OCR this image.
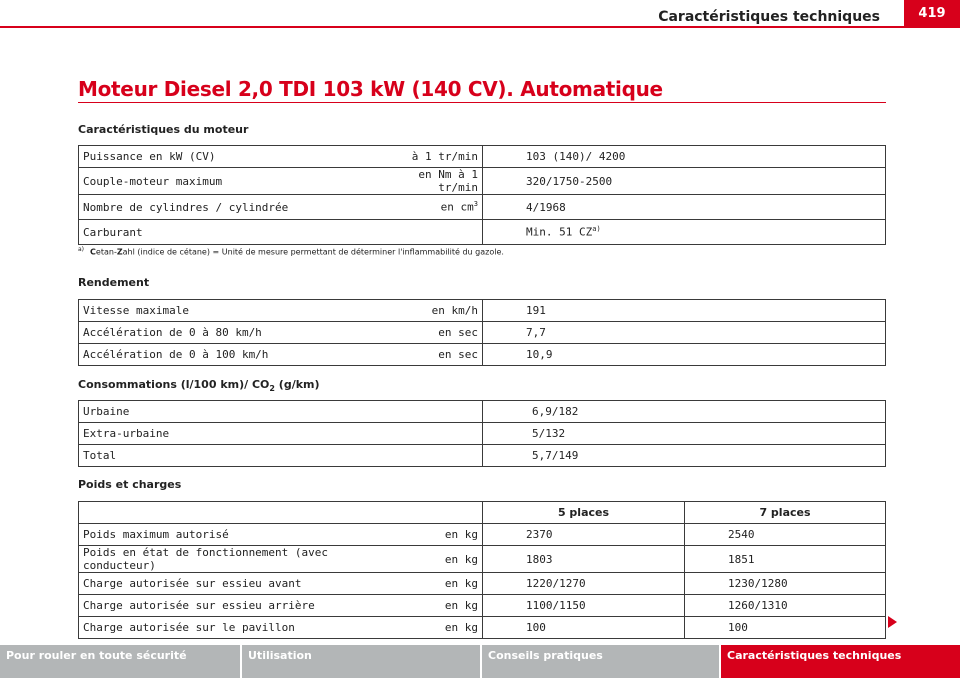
Caractéristiques techniques	419
Moteur Diesel 2,0 TDI 103 kW (140 CV). Automatique
Caractéristiques du moteur
Puissance en kW (CV)	à 1 tr/min	103 (140)/ 4200
Couple-moteur maximum	en Nm à 1 tr/min	320/1750-2500
Nombre de cylindres / cylindrée	en $cm^3$	4/1968
Carburant		Min. 51 CZ$^{a)}$
$^{a)}$ Cetan-Zahl (indice de cétane) = Unité de mesure permettant de déterminer l'inflammabilité du gazole.
Rendement
Vitesse maximale	en km/h	191
Accélération de 0 à 80 km/h	en sec	7,7
Accélération de 0 à 100 km/h	en sec	10,9
Consommations (l/100 km)/ $CO_2$ (g/km)
Urbaine	6,9/182
Extra-urbaine	5/132
Total	5,7/149
Poids et charges
		5 places	7 places
Poids maximum autorisé	en kg	2370	2540
Poids en état de fonctionnement (avec conducteur)	en kg	1803	1851
Charge autorisée sur essieu avant	en kg	1220/1270	1230/1280
Charge autorisée sur essieu arrière	en kg	1100/1150	1260/1310
Charge autorisée sur le pavillon	en kg	100	100
Pour rouler en toute sécurité	Utilisation	Conseils pratiques	Caractéristiques techniques
